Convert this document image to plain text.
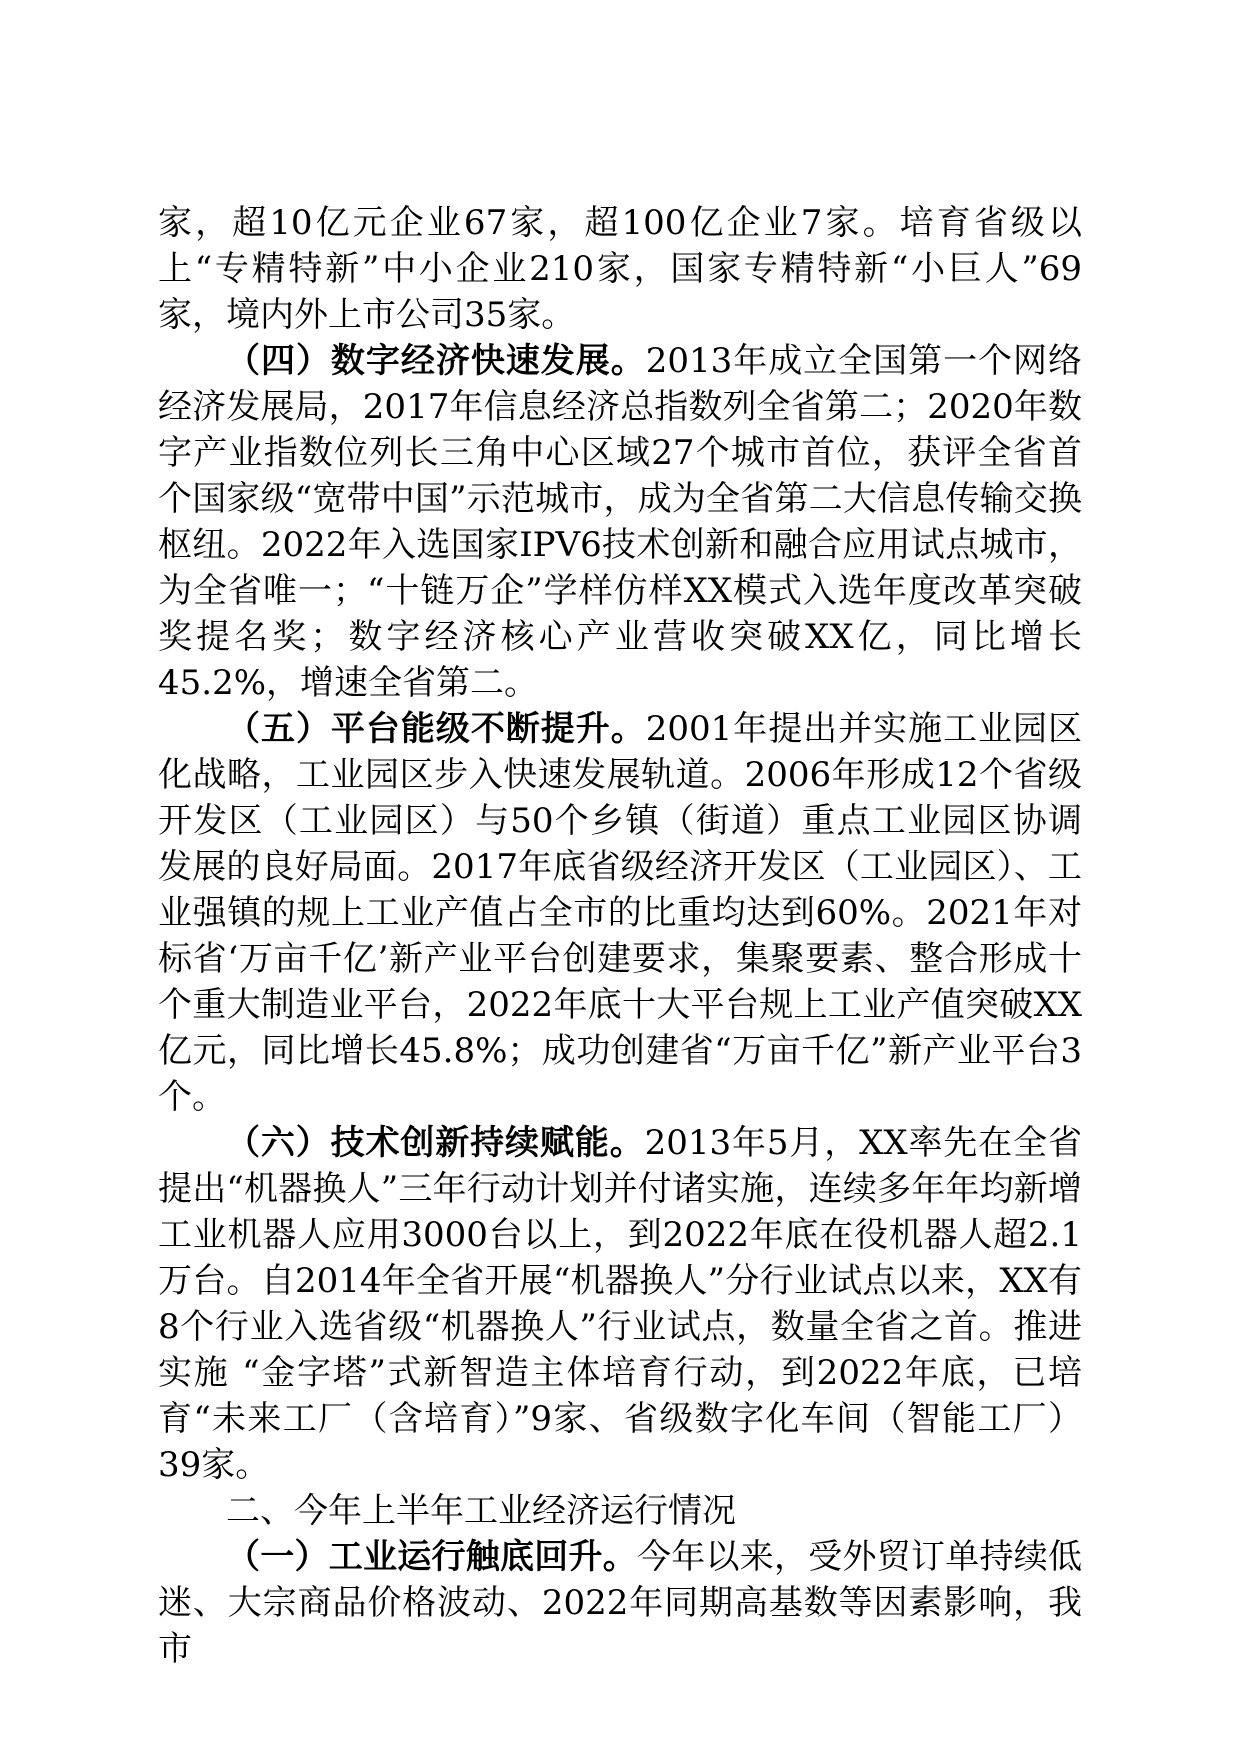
家，超10亿元企业67家，超100亿企业7家。培育省级以上“专精特新”中小企业210家，国家专精特新“小巨人”69家，境内外上市公司35家。

（四）数字经济快速发展。2013年成立全国第一个网络经济发展局，2017年信息经济总指数列全省第二；2020年数字产业指数位列长三角中心区域27个城市首位，获评全省首个国家级“宽带中国”示范城市，成为全省第二大信息传输交换枢纽。2022年入选国家IPV6技术创新和融合应用试点城市，为全省唯一；“十链万企”学样仿样XX模式入选年度改革突破奖提名奖；数字经济核心产业营收突破XX亿，同比增长45.2%，增速全省第二。

（五）平台能级不断提升。2001年提出并实施工业园区化战略，工业园区步入快速发展轨道。2006年形成12个省级开发区（工业园区）与50个乡镇（街道）重点工业园区协调发展的良好局面。2017年底省级经济开发区（工业园区）、工业强镇的规上工业产值占全市的比重均达到60%。2021年对标省‘万亩千亿’新产业平台创建要求，集聚要素、整合形成十个重大制造业平台，2022年底十大平台规上工业产值突破XX亿元，同比增长45.8%；成功创建省“万亩千亿”新产业平台3个。

（六）技术创新持续赋能。2013年5月，XX率先在全省提出“机器换人”三年行动计划并付诸实施，连续多年年均新增工业机器人应用3000台以上，到2022年底在役机器人超2.1万台。自2014年全省开展“机器换人”分行业试点以来，XX有8个行业入选省级“机器换人”行业试点，数量全省之首。推进实施 “金字塔”式新智造主体培育行动，到2022年底，已培育“未来工厂（含培育）”9家、省级数字化车间（智能工厂）39家。

二、今年上半年工业经济运行情况

（一）工业运行触底回升。今年以来，受外贸订单持续低迷、大宗商品价格波动、2022年同期高基数等因素影响，我市
